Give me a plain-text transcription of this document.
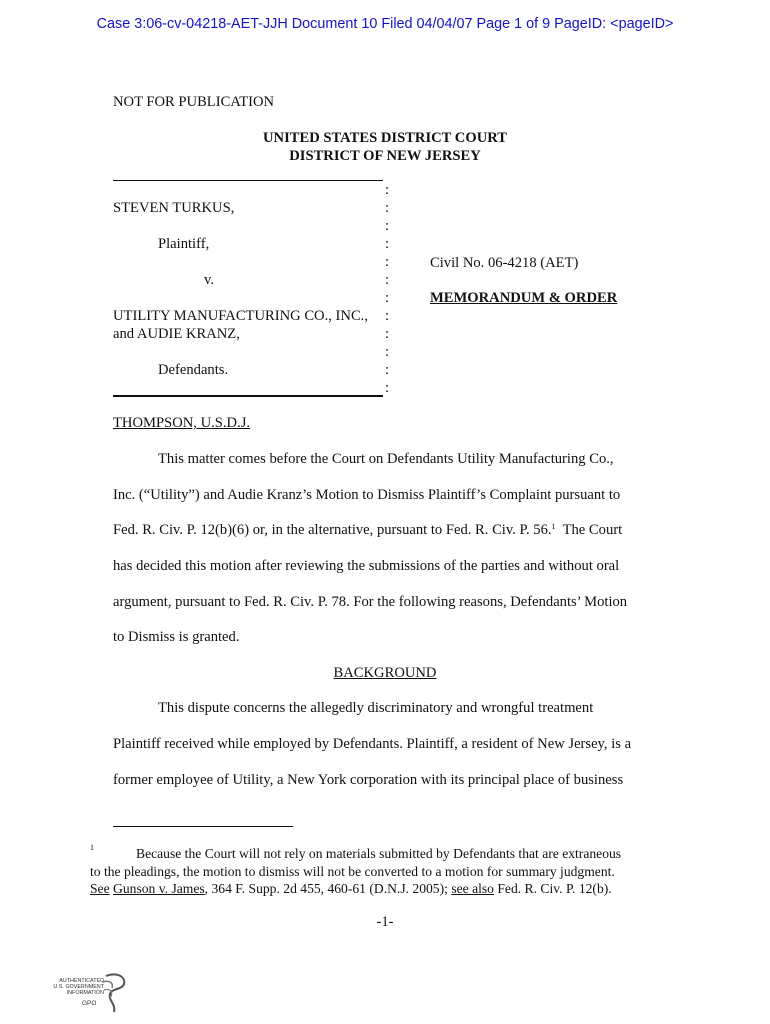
Case 3:06-cv-04218-AET-JJH Document 10 Filed 04/04/07 Page 1 of 9 PageID: <pageID>
NOT FOR PUBLICATION
UNITED STATES DISTRICT COURT
DISTRICT OF NEW JERSEY
:
STEVEN TURKUS,	:
:
Plaintiff,	:
:	Civil No. 06-4218 (AET)
v.	:
:	MEMORANDUM & ORDER
UTILITY MANUFACTURING CO., INC., :
and AUDIE KRANZ,	:
:
Defendants.	:
:
THOMPSON, U.S.D.J.
This matter comes before the Court on Defendants Utility Manufacturing Co.,
Inc. (“Utility”) and Audie Kranz’s Motion to Dismiss Plaintiff’s Complaint pursuant to
Fed. R. Civ. P. 12(b)(6) or, in the alternative, pursuant to Fed. R. Civ. P. 56.$^1$  The Court
has decided this motion after reviewing the submissions of the parties and without oral
argument, pursuant to Fed. R. Civ. P. 78. For the following reasons, Defendants’ Motion
to Dismiss is granted.
BACKGROUND
This dispute concerns the allegedly discriminatory and wrongful treatment
Plaintiff received while employed by Defendants. Plaintiff, a resident of New Jersey, is a
former employee of Utility, a New York corporation with its principal place of business
1	Because the Court will not rely on materials submitted by Defendants that are extraneous
to the pleadings, the motion to dismiss will not be converted to a motion for summary judgment.
See Gunson v. James, 364 F. Supp. 2d 455, 460-61 (D.N.J. 2005); see also Fed. R. Civ. P. 12(b).
-1-
AUTHENTICATED
U.S. GOVERNMENT
INFORMATION
GPO
